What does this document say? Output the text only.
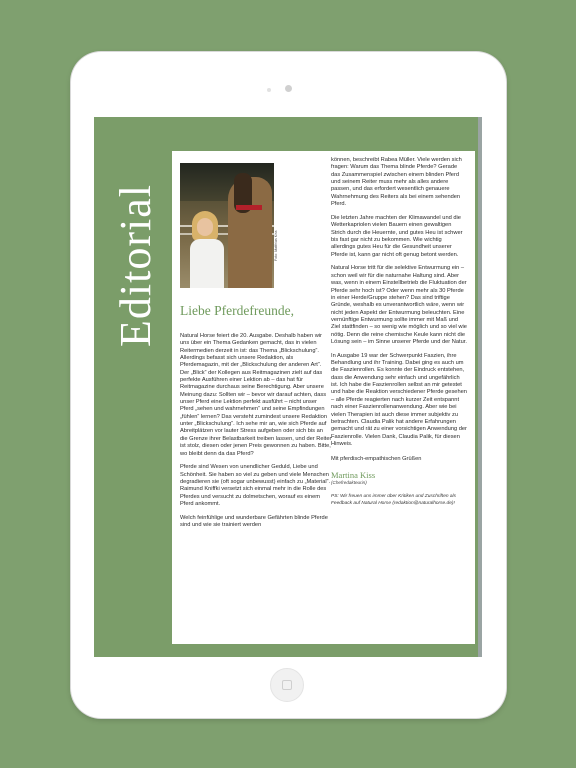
Editorial	Foto: Matthias Kiss
Liebe Pferdefreunde,

Natural Horse feiert die 20. Ausgabe. Deshalb haben wir uns über ein Thema Gedanken gemacht, das in vielen Reitermedien derzeit in ist: das Thema „Blickschulung“. Allerdings befasst sich unsere Redaktion, als Pferdemagazin, mit der „Blickschulung der anderen Art“. Der „Blick“ der Kollegen aus Reitmagazinen zielt auf das perfekte Ausführen einer Lektion ab – das hat für Reitmagazine durchaus seine Berechtigung. Aber unsere Meinung dazu: Sollten wir – bevor wir darauf achten, dass unser Pferd eine Lektion perfekt ausführt – nicht unser Pferd „sehen und wahrnehmen“ und seine Empfindungen „fühlen“ lernen? Das versteht zumindest unsere Redaktion unter „Blickschulung“. Ich sehe mir an, wie sich Pferde auf Abreitplätzen vor lauter Stress aufgeben oder sich bis an die Grenze ihrer Belastbarkeit treiben lassen, und der Reiter ist stolz, diesen oder jenen Preis gewonnen zu haben. Bitte, wo bleibt denn da das Pferd?

Pferde sind Wesen von unendlicher Geduld, Liebe und Schönheit. Sie haben so viel zu geben und viele Menschen degradieren sie (oft sogar unbewusst) einfach zu „Material“. Raimund Kniffki versetzt sich einmal mehr in die Rolle des Pferdes und versucht zu dolmetschen, worauf es einem Pferd ankommt.

Welch feinfühlige und wunderbare Gefährten blinde Pferde sind und wie sie trainiert werden

können, beschreibt Rabea Müller. Viele werden sich fragen: Warum das Thema blinde Pferde? Gerade das Zusammenspiel zwischen einem blinden Pferd und seinem Reiter muss mehr als alles andere passen, und das erfordert wesentlich genauere Wahrnehmung des Reiters als bei einem sehenden Pferd.

Die letzten Jahre machten der Klimawandel und die Wetterkapriolen vielen Bauern einen gewaltigen Strich durch die Heuernte, und gutes Heu ist schwer bis fast gar nicht zu bekommen. Wie wichtig allerdings gutes Heu für die Gesundheit unserer Pferde ist, kann gar nicht oft genug betont werden.

Natural Horse tritt für die selektive Entwurmung ein – schon weil wir für die naturnahe Haltung sind. Aber was, wenn in einem Einstellbetrieb die Fluktuation der Pferde sehr hoch ist? Oder wenn mehr als 30 Pferde in einer Herde/Gruppe stehen? Das sind triftige Gründe, weshalb es unverantwortlich wäre, wenn wir nicht jeden Aspekt der Entwurmung beleuchten. Eine vernünftige Entwurmung sollte immer mit Maß und Ziel stattfinden – so wenig wie möglich und so viel wie nötig. Denn die reine chemische Keule kann nicht die Lösung sein – im Sinne unserer Pferde und der Natur.

In Ausgabe 19 war der Schwerpunkt Faszien, ihre Behandlung und ihr Training. Dabei ging es auch um die Faszienrollen. Es konnte der Eindruck entstehen, dass die Anwendung sehr einfach und ungefährlich ist. Ich habe die Faszienrollen selbst an mir getestet und habe die Reaktion verschiedener Pferde gesehen – alle Pferde reagierten nach kurzer Zeit entspannt nach einer Faszienrollenanwendung. Aber wie bei vielen Therapien ist auch diese immer subjektiv zu betrachten. Claudia Palik hat andere Erfahrungen gemacht und rät zu einer vorsichtigen Anwendung der Faszienrolle. Vielen Dank, Claudia Palik, für diesen Hinweis.

Mit pferdisch-empathischen Grüßen

Martina Kiss

(Chefredakteurin)

PS: Wir freuen uns immer über Kritiken und Zuschriften als Feedback auf Natural Horse (redaktion@naturalhorse.de)!
